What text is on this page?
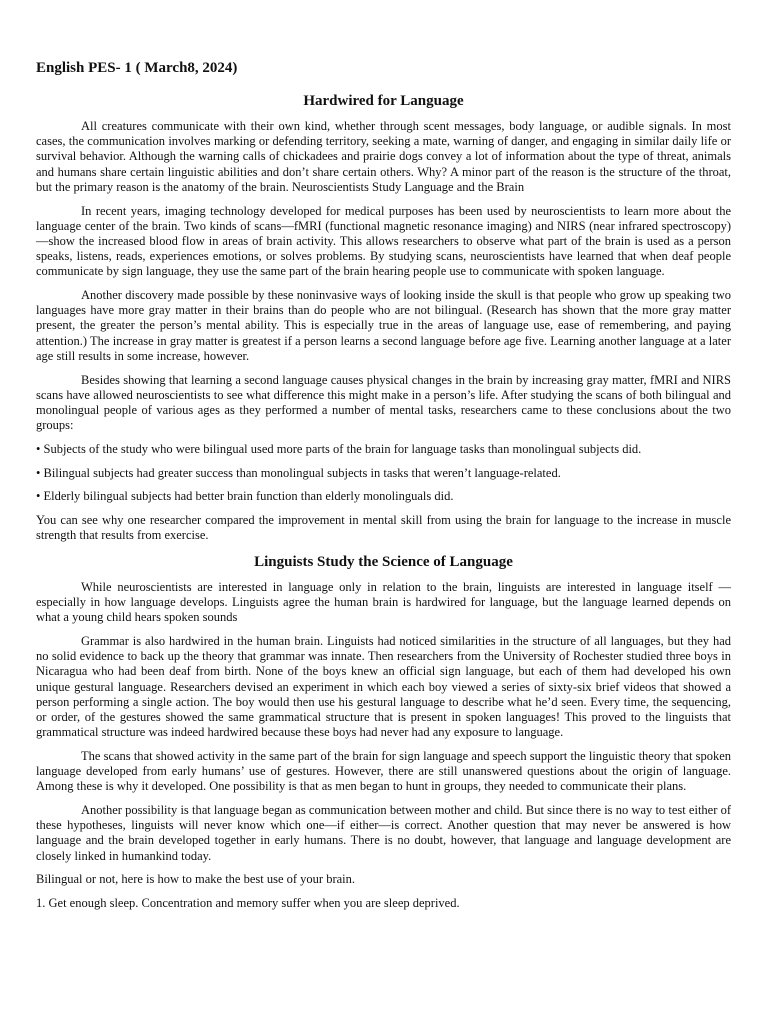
English PES- 1 ( March8, 2024)
Hardwired for Language

All creatures communicate with their own kind, whether through scent messages, body language, or audible signals. In most cases, the communication involves marking or defending territory, seeking a mate, warning of danger, and engaging in similar daily life or survival behavior. Although the warning calls of chickadees and prairie dogs convey a lot of information about the type of threat, animals and humans share certain linguistic abilities and don’t share certain others. Why? A minor part of the reason is the structure of the throat, but the primary reason is the anatomy of the brain. Neuroscientists Study Language and the Brain

In recent years, imaging technology developed for medical purposes has been used by neuroscientists to learn more about the language center of the brain. Two kinds of scans—fMRI (functional magnetic resonance imaging) and NIRS (near infrared spectroscopy)—show the increased blood flow in areas of brain activity. This allows researchers to observe what part of the brain is used as a person speaks, listens, reads, experiences emotions, or solves problems. By studying scans, neuroscientists have learned that when deaf people communicate by sign language, they use the same part of the brain hearing people use to communicate with spoken language.

Another discovery made possible by these noninvasive ways of looking inside the skull is that people who grow up speaking two languages have more gray matter in their brains than do people who are not bilingual. (Research has shown that the more gray matter present, the greater the person’s mental ability. This is especially true in the areas of language use, ease of remembering, and paying attention.) The increase in gray matter is greatest if a person learns a second language before age five. Learning another language at a later age still results in some increase, however.

Besides showing that learning a second language causes physical changes in the brain by increasing gray matter, fMRI and NIRS scans have allowed neuroscientists to see what difference this might make in a person’s life. After studying the scans of both bilingual and monolingual people of various ages as they performed a number of mental tasks, researchers came to these conclusions about the two groups:

• Subjects of the study who were bilingual used more parts of the brain for language tasks than monolingual subjects did.
• Bilingual subjects had greater success than monolingual subjects in tasks that weren’t language-related.
• Elderly bilingual subjects had better brain function than elderly monolinguals did.

You can see why one researcher compared the improvement in mental skill from using the brain for language to the increase in muscle strength that results from exercise.

Linguists Study the Science of Language

While neuroscientists are interested in language only in relation to the brain, linguists are interested in language itself —especially in how language develops. Linguists agree the human brain is hardwired for language, but the language learned depends on what a young child hears spoken sounds

Grammar is also hardwired in the human brain. Linguists had noticed similarities in the structure of all languages, but they had no solid evidence to back up the theory that grammar was innate. Then researchers from the University of Rochester studied three boys in Nicaragua who had been deaf from birth. None of the boys knew an official sign language, but each of them had developed his own unique gestural language. Researchers devised an experiment in which each boy viewed a series of sixty-six brief videos that showed a person performing a single action. The boy would then use his gestural language to describe what he’d seen. Every time, the sequencing, or order, of the gestures showed the same grammatical structure that is present in spoken languages! This proved to the linguists that grammatical structure was indeed hardwired because these boys had never had any exposure to language.

The scans that showed activity in the same part of the brain for sign language and speech support the linguistic theory that spoken language developed from early humans’ use of gestures. However, there are still unanswered questions about the origin of language. Among these is why it developed. One possibility is that as men began to hunt in groups, they needed to communicate their plans.

Another possibility is that language began as communication between mother and child. But since there is no way to test either of these hypotheses, linguists will never know which one—if either—is correct. Another question that may never be answered is how language and the brain developed together in early humans. There is no doubt, however, that language and language development are closely linked in humankind today.

Bilingual or not, here is how to make the best use of your brain.

1. Get enough sleep. Concentration and memory suffer when you are sleep deprived.
